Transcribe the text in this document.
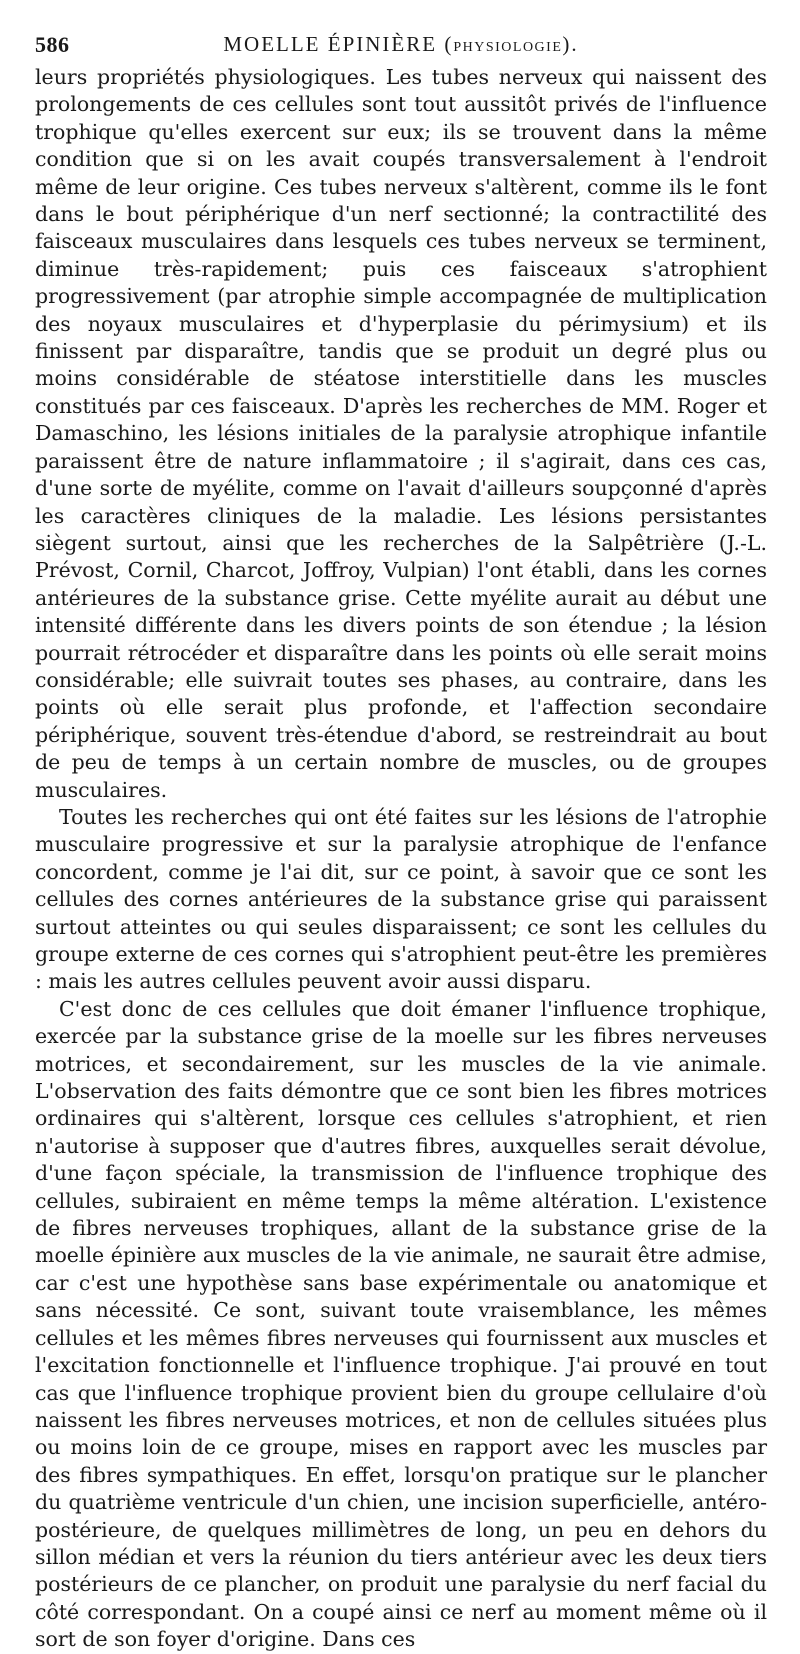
586	MOELLE ÉPINIÈRE (PHYSIOLOGIE).

leurs propriétés physiologiques. Les tubes nerveux qui naissent des prolongements de ces cellules sont tout aussitôt privés de l'influence trophique qu'elles exercent sur eux; ils se trouvent dans la même condition que si on les avait coupés transversalement à l'endroit même de leur origine. Ces tubes nerveux s'altèrent, comme ils le font dans le bout périphérique d'un nerf sectionné; la contractilité des faisceaux musculaires dans lesquels ces tubes nerveux se terminent, diminue très-rapidement; puis ces faisceaux s'atrophient progressivement (par atrophie simple accompagnée de multiplication des noyaux musculaires et d'hyperplasie du périmysium) et ils finissent par disparaître, tandis que se produit un degré plus ou moins considérable de stéatose interstitielle dans les muscles constitués par ces faisceaux. D'après les recherches de MM. Roger et Damaschino, les lésions initiales de la paralysie atrophique infantile paraissent être de nature inflammatoire ; il s'agirait, dans ces cas, d'une sorte de myélite, comme on l'avait d'ailleurs soupçonné d'après les caractères cliniques de la maladie. Les lésions persistantes siègent surtout, ainsi que les recherches de la Salpêtrière (J.-L. Prévost, Cornil, Charcot, Joffroy, Vulpian) l'ont établi, dans les cornes antérieures de la substance grise. Cette myélite aurait au début une intensité différente dans les divers points de son étendue ; la lésion pourrait rétrocéder et disparaître dans les points où elle serait moins considérable; elle suivrait toutes ses phases, au contraire, dans les points où elle serait plus profonde, et l'affection secondaire périphérique, souvent très-étendue d'abord, se restreindrait au bout de peu de temps à un certain nombre de muscles, ou de groupes musculaires.

Toutes les recherches qui ont été faites sur les lésions de l'atrophie musculaire progressive et sur la paralysie atrophique de l'enfance concordent, comme je l'ai dit, sur ce point, à savoir que ce sont les cellules des cornes antérieures de la substance grise qui paraissent surtout atteintes ou qui seules disparaissent; ce sont les cellules du groupe externe de ces cornes qui s'atrophient peut-être les premières : mais les autres cellules peuvent avoir aussi disparu.

C'est donc de ces cellules que doit émaner l'influence trophique, exercée par la substance grise de la moelle sur les fibres nerveuses motrices, et secondairement, sur les muscles de la vie animale. L'observation des faits démontre que ce sont bien les fibres motrices ordinaires qui s'altèrent, lorsque ces cellules s'atrophient, et rien n'autorise à supposer que d'autres fibres, auxquelles serait dévolue, d'une façon spéciale, la transmission de l'influence trophique des cellules, subiraient en même temps la même altération. L'existence de fibres nerveuses trophiques, allant de la substance grise de la moelle épinière aux muscles de la vie animale, ne saurait être admise, car c'est une hypothèse sans base expérimentale ou anatomique et sans nécessité. Ce sont, suivant toute vraisemblance, les mêmes cellules et les mêmes fibres nerveuses qui fournissent aux muscles et l'excitation fonctionnelle et l'influence trophique. J'ai prouvé en tout cas que l'influence trophique provient bien du groupe cellulaire d'où naissent les fibres nerveuses motrices, et non de cellules situées plus ou moins loin de ce groupe, mises en rapport avec les muscles par des fibres sympathiques. En effet, lorsqu'on pratique sur le plancher du quatrième ventricule d'un chien, une incision superficielle, antéro-postérieure, de quelques millimètres de long, un peu en dehors du sillon médian et vers la réunion du tiers antérieur avec les deux tiers postérieurs de ce plancher, on produit une paralysie du nerf facial du côté correspondant. On a coupé ainsi ce nerf au moment même où il sort de son foyer d'origine. Dans ces
